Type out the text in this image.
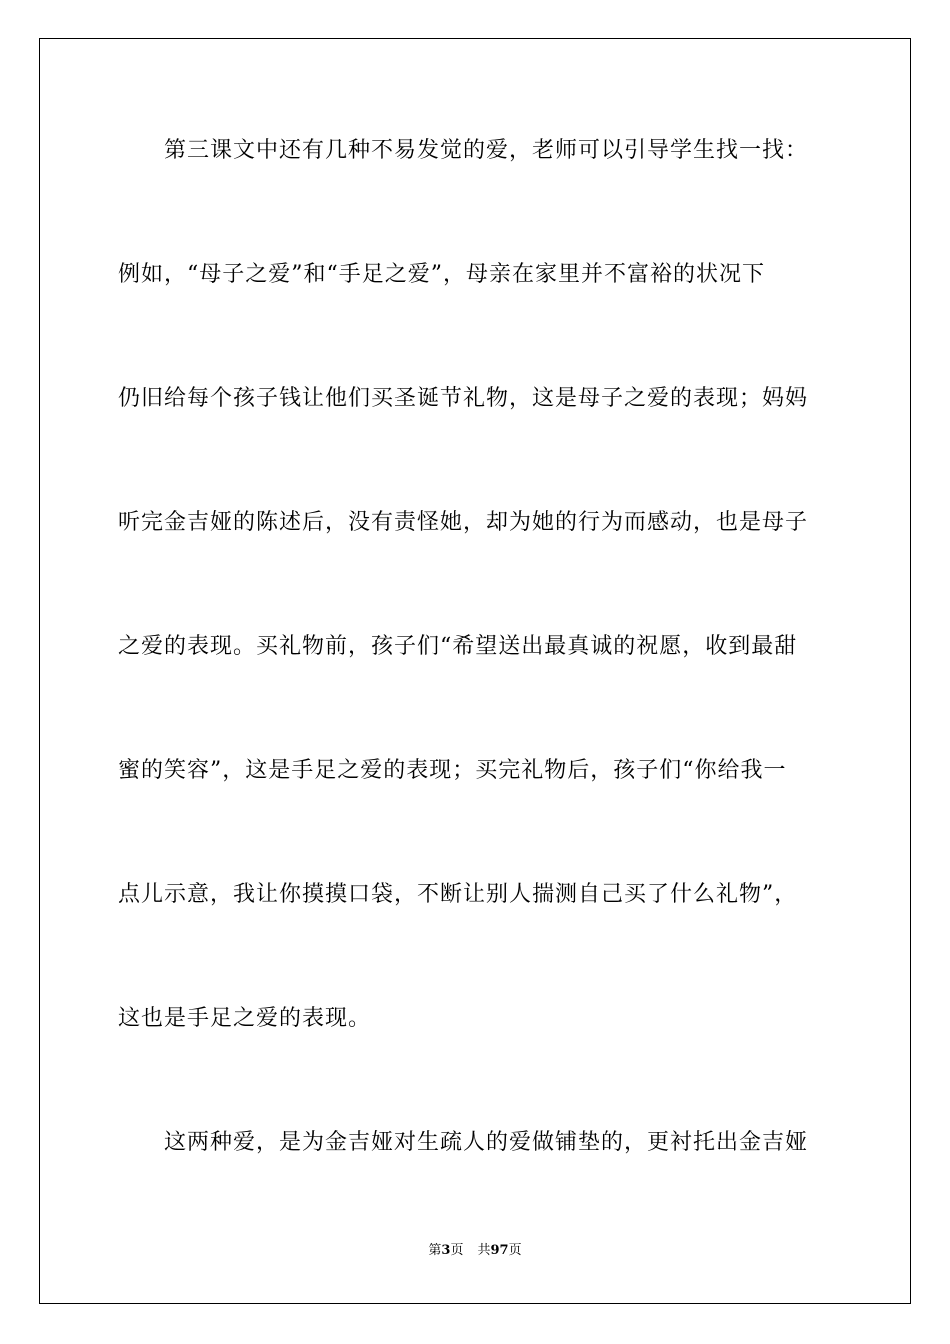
第三课文中还有几种不易发觉的爱，老师可以引导学生找一找：
例如，“母子之爱”和“手足之爱”，母亲在家里并不富裕的状况下
仍旧给每个孩子钱让他们买圣诞节礼物，这是母子之爱的表现；妈妈
听完金吉娅的陈述后，没有责怪她，却为她的行为而感动，也是母子
之爱的表现。买礼物前，孩子们“希望送出最真诚的祝愿，收到最甜
蜜的笑容”，这是手足之爱的表现；买完礼物后，孩子们“你给我一
点儿示意，我让你摸摸口袋，不断让别人揣测自己买了什么礼物”，
这也是手足之爱的表现。
这两种爱，是为金吉娅对生疏人的爱做铺垫的，更衬托出金吉娅
第3页 共97页
